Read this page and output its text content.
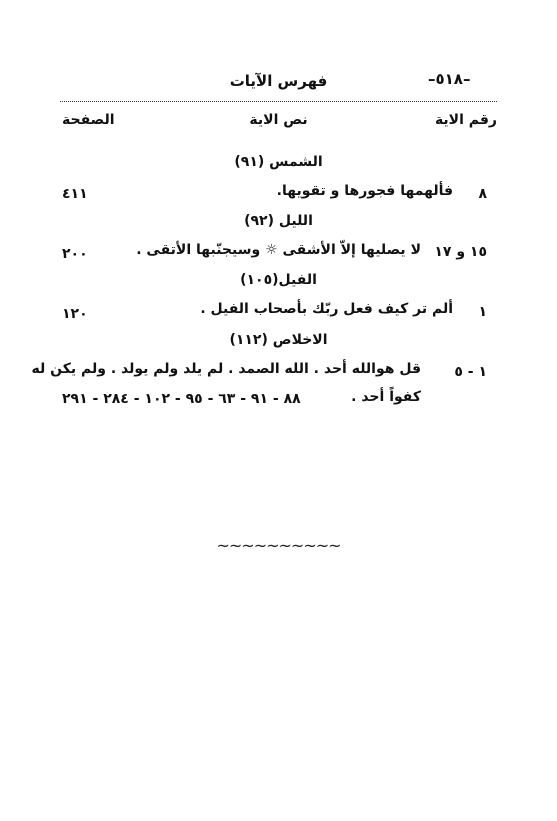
–٥١٨–
فهرس الآيات
رقم الاية
نص الاية
الصفحة
الشمس (٩١)
٨
فألهمها فجورها و تقويها.
٤١١
الليل (٩٢)
١٥ و ١٧
لا يصليها إلاّ الأشقى ☼ وسيجنّبها الأتقى .
٢٠٠
الفيل(١٠٥)
١
ألم تر كيف فعل ربّك بأصحاب الفيل .
١٢٠
الاخلاص (١١٢)
١ - ٥
قل هوالله أحد . الله الصمد . لم يلد ولم يولد . ولم يكن له
كفواً أحد .
٨٨ - ٩١ - ٦٣ - ٩٥ - ١٠٢ - ٢٨٤ - ٢٩١
~~~~~~~~~~
